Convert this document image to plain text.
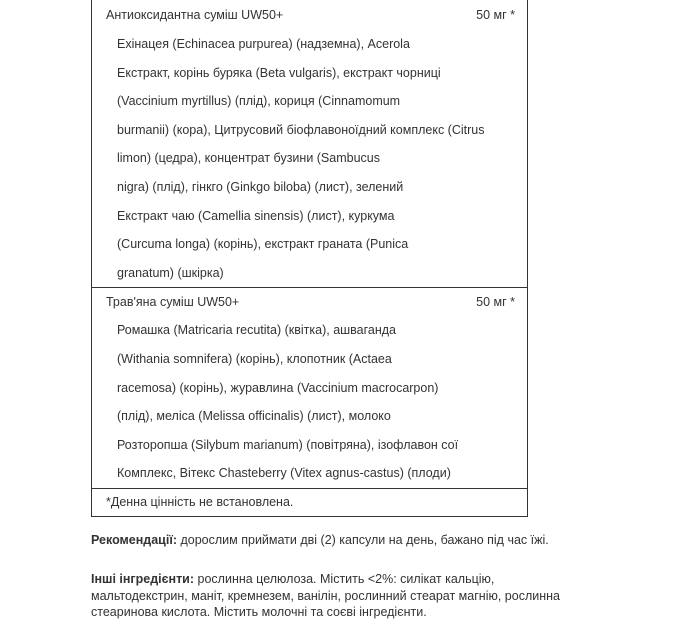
Антиоксидантна суміш UW50+	50 мг *
Ехінацея (Echinacea purpurea) (надземна), Acerola
Екстракт, корінь буряка (Beta vulgaris), екстракт чорниці
(Vaccinium myrtillus) (плід), кориця (Cinnamomum
burmanii) (кора), Цитрусовий біофлавоноїдний комплекс (Citrus
limon) (цедра), концентрат бузини (Sambucus
nigra) (плід), гінкго (Ginkgo biloba) (лист), зелений
Екстракт чаю (Camellia sinensis) (лист), куркума
(Curcuma longa) (корінь), екстракт граната (Punica
granatum) (шкірка)
Трав'яна суміш UW50+	50 мг *
Ромашка (Matricaria recutita) (квітка), ашваганда
(Withania somnifera) (корінь), клопотник (Actaea
racemosa) (корінь), журавлина (Vaccinium macrocarpon)
(плід), меліса (Melissa officinalis) (лист), молоко
Розторопша (Silybum marianum) (повітряна), ізофлавон сої
Комплекс, Вітекс Chasteberry (Vitex agnus-castus) (плоди)
*Денна цінність не встановлена.
Рекомендації: дорослим приймати дві (2) капсули на день, бажано під час їжі.
Інші інгредієнти: рослинна целюлоза. Містить <2%: силікат кальцію, мальтодекстрин, маніт, кремнезем, ванілін, рослинний стеарат магнію, рослинна стеаринова кислота. Містить молочні та соєві інгредієнти.
